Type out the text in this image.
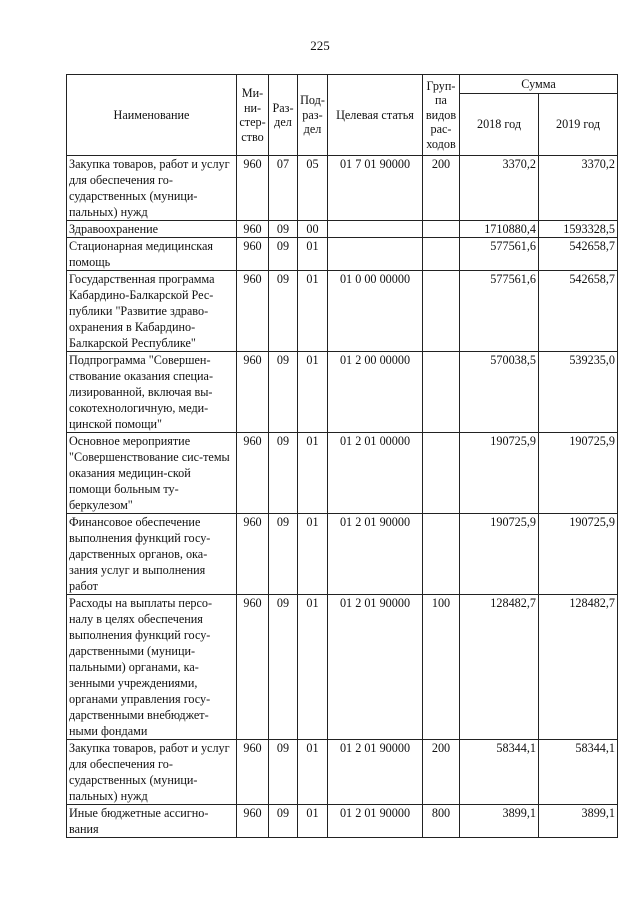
225
Наименование	Ми-ни-стер-ство	Раз-дел	Под-раз-дел	Целевая статья	Груп-па видов рас-ходов	Сумма	
						2018 год	2019 год
Закупка товаров, работ и услуг для обеспечения го-сударственных (муници-пальных) нужд	960	07	05	01 7 01 90000	200	3370,2	3370,2
Здравоохранение	960	09	00			1710880,4	1593328,5
Стационарная медицинская помощь	960	09	01			577561,6	542658,7
Государственная программа Кабардино-Балкарской Рес-публики "Развитие здраво-охранения в Кабардино-Балкарской Республике"	960	09	01	01 0 00 00000		577561,6	542658,7
Подпрограмма "Совершен-ствование оказания специа-лизированной, включая вы-сокотехнологичную, меди-цинской помощи"	960	09	01	01 2 00 00000		570038,5	539235,0
Основное мероприятие "Совершенствование сис-темы оказания медицин-ской помощи больным ту-беркулезом"	960	09	01	01 2 01 00000		190725,9	190725,9
Финансовое обеспечение выполнения функций госу-дарственных органов, ока-зания услуг и выполнения работ	960	09	01	01 2 01 90000		190725,9	190725,9
Расходы на выплаты персо-налу в целях обеспечения выполнения функций госу-дарственными (муници-пальными) органами, ка-зенными учреждениями, органами управления госу-дарственными внебюджет-ными фондами	960	09	01	01 2 01 90000	100	128482,7	128482,7
Закупка товаров, работ и услуг для обеспечения го-сударственных (муници-пальных) нужд	960	09	01	01 2 01 90000	200	58344,1	58344,1
Иные бюджетные ассигно-вания	960	09	01	01 2 01 90000	800	3899,1	3899,1
